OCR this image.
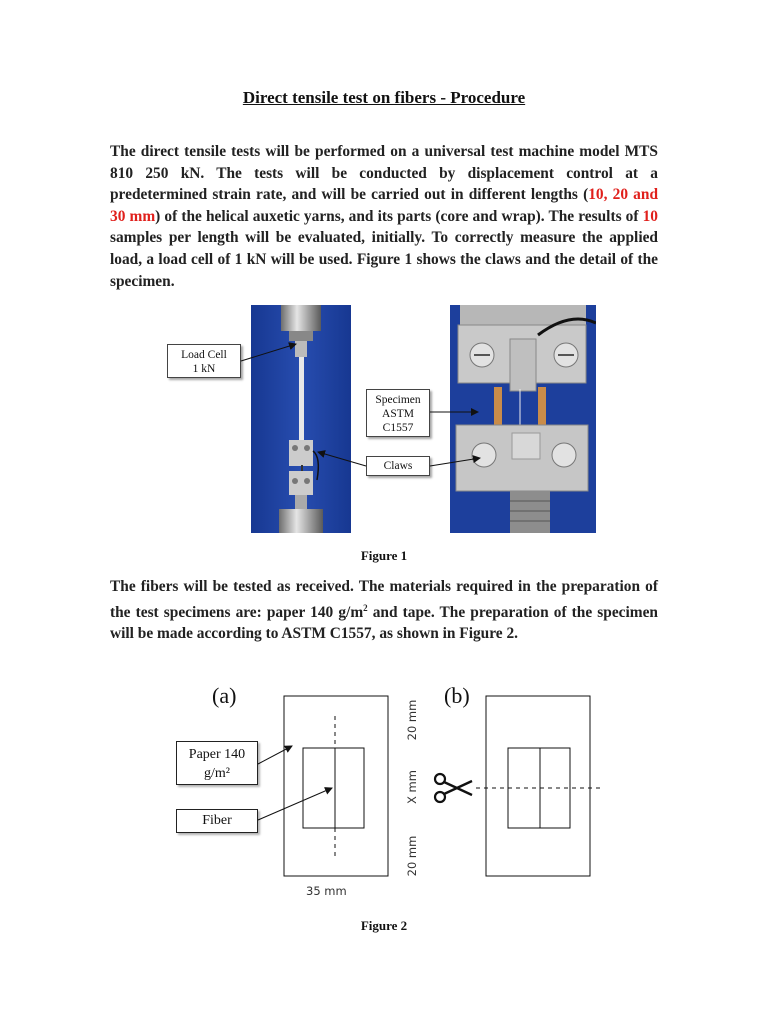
Direct tensile test on fibers - Procedure

The direct tensile tests will be performed on a universal test machine model MTS 810 250 kN. The tests will be conducted by displacement control at a predetermined strain rate, and will be carried out in different lengths (10, 20 and 30 mm) of the helical auxetic yarns, and its parts (core and wrap). The results of 10 samples per length will be evaluated, initially. To correctly measure the applied load, a load cell of 1 kN will be used. Figure 1 shows the claws and the detail of the specimen.

Load Cell
1 kN
Specimen
ASTM
C1557
Claws
Figure 1

The fibers will be tested as received. The materials required in the preparation of the test specimens are: paper 140 $g/m^2$ and tape. The preparation of the specimen will be made according to ASTM C1557, as shown in Figure 2.

(a)	(b)
Paper 140
g/m²
Fiber
20 mm
X mm
20 mm
35 mm
Figure 2
